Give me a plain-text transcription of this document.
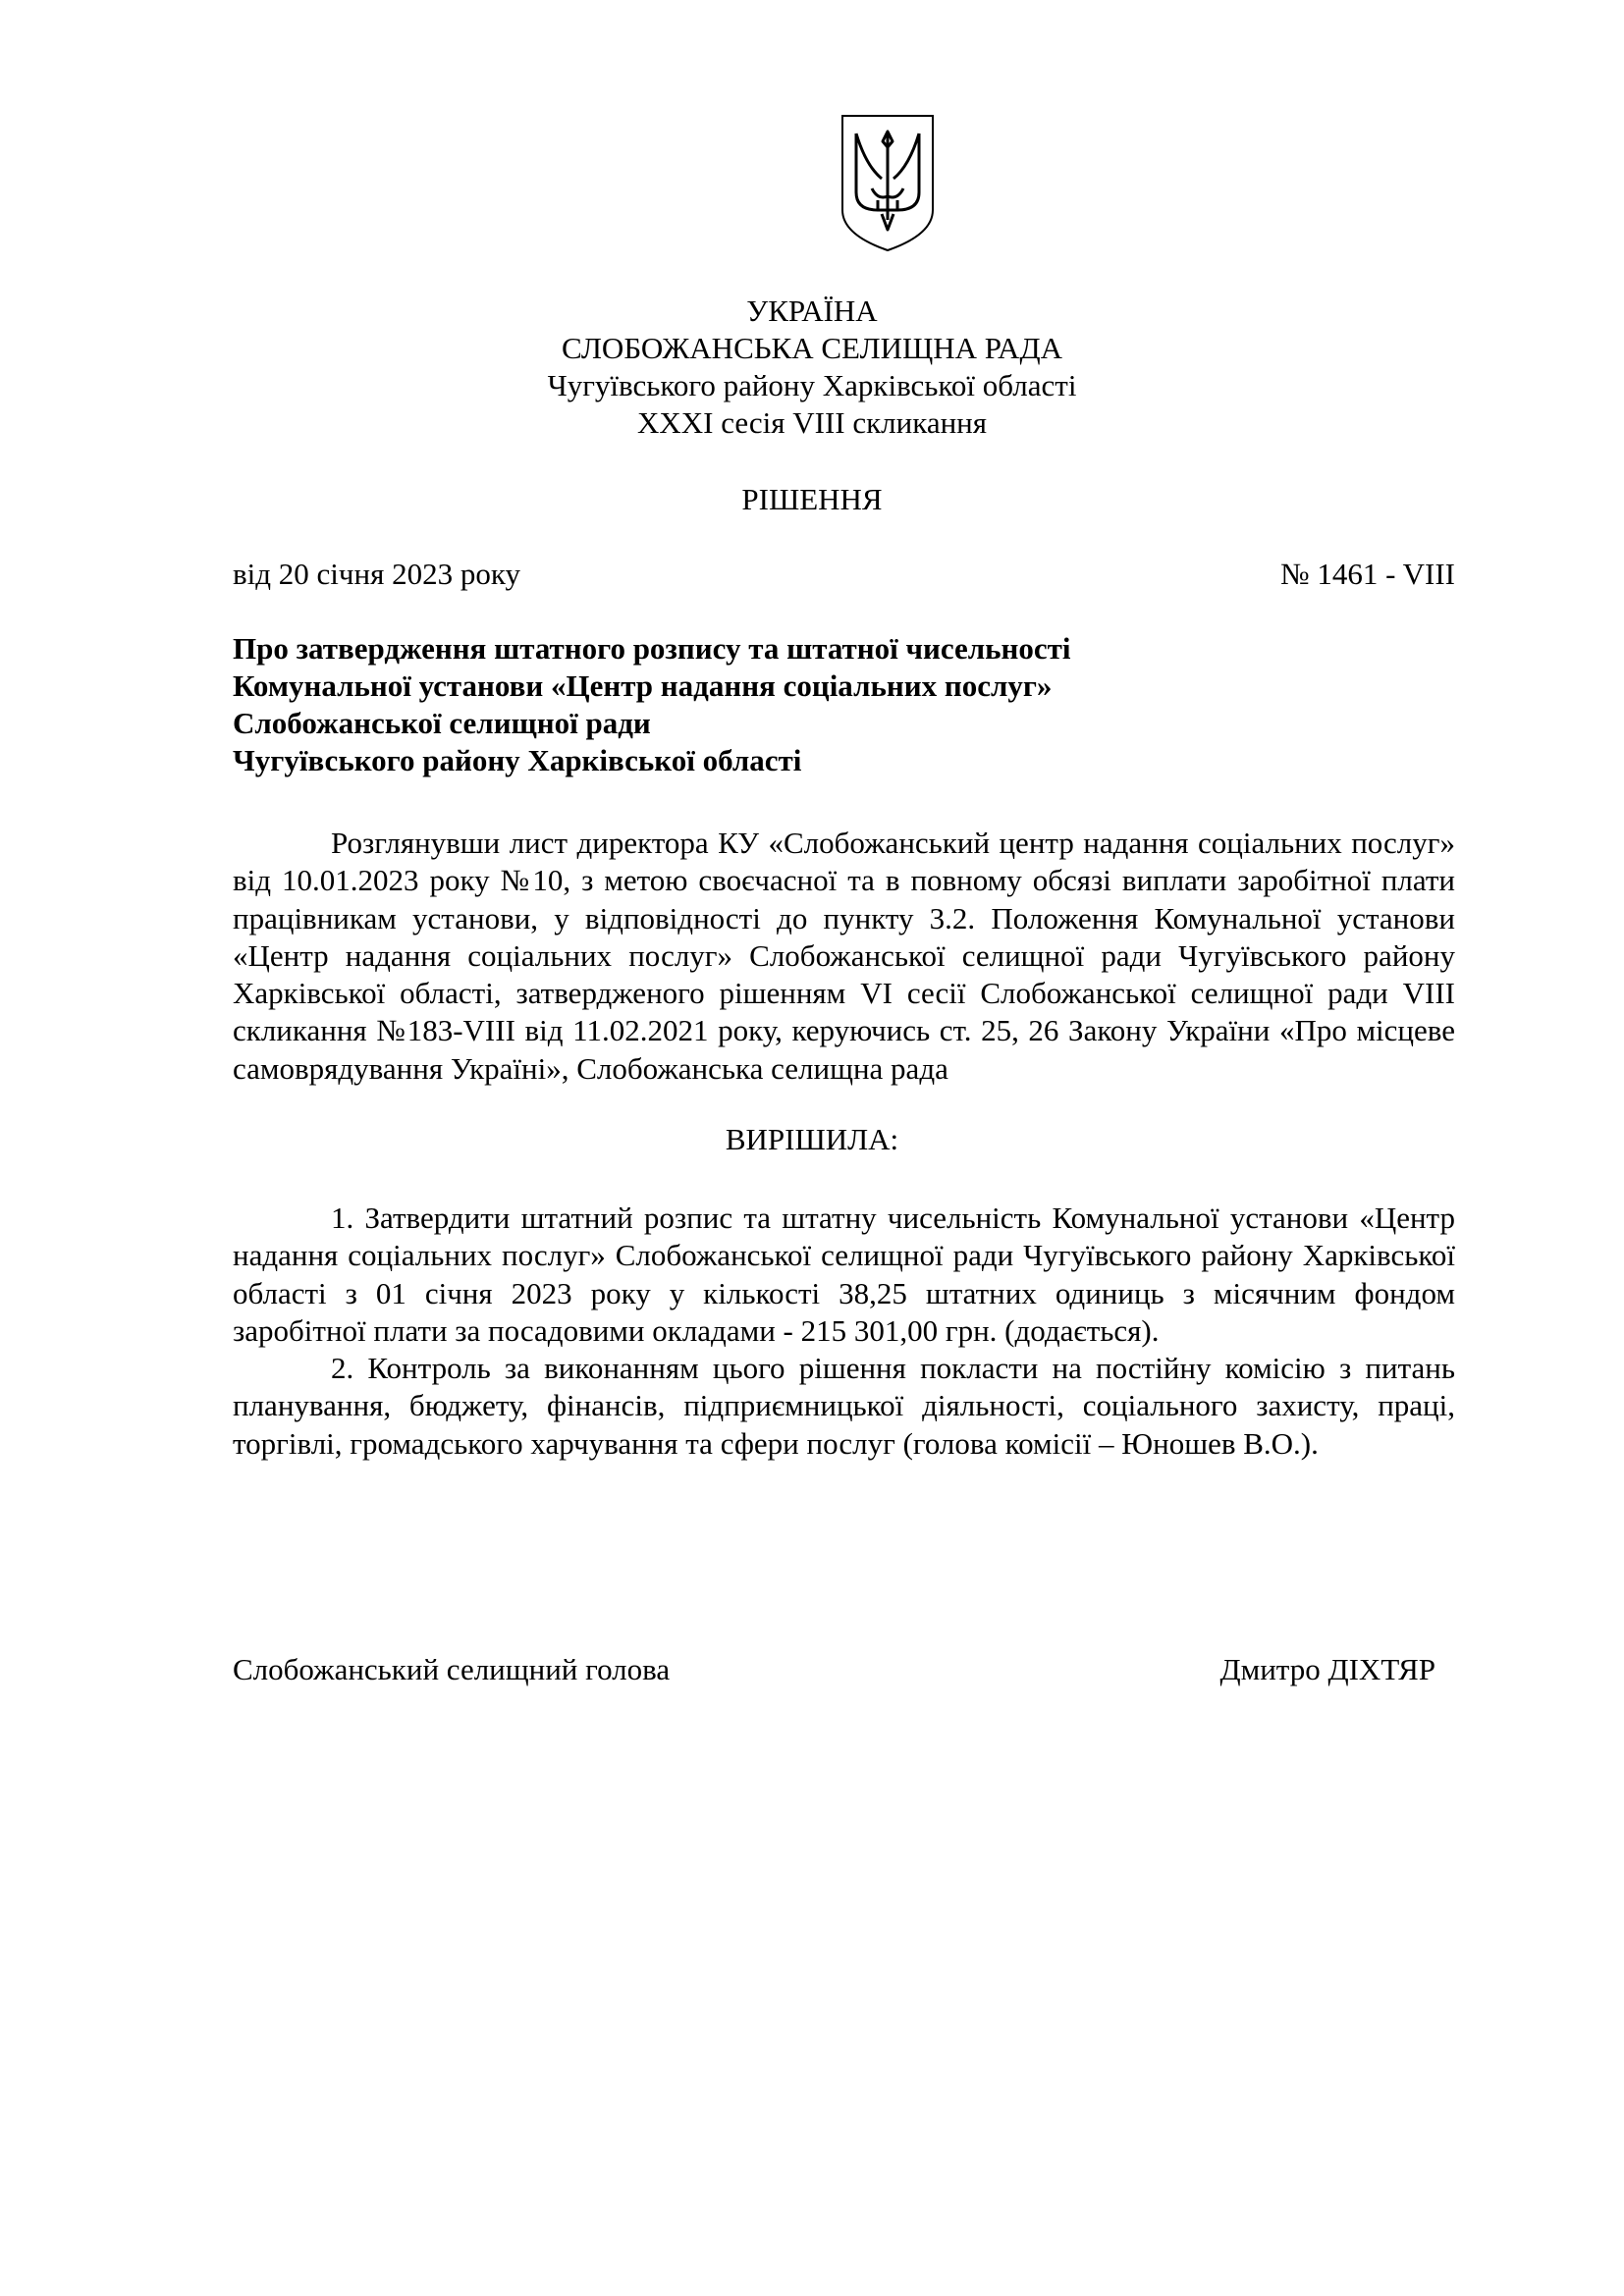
УКРАЇНА
СЛОБОЖАНСЬКА СЕЛИЩНА РАДА
Чугуївського району Харківської області
XXXI сесія VIII скликання
РІШЕННЯ
від 20 січня 2023 року	№ 1461 - VIII
Про затвердження штатного розпису та штатної чисельності
Комунальної установи «Центр надання соціальних послуг»
Слобожанської селищної ради
Чугуївського району Харківської області
Розглянувши лист директора КУ «Слобожанський центр надання соціальних послуг»
від 10.01.2023 року №10, з метою своєчасної та в повному обсязі виплати заробітної плати
працівникам установи, у відповідності до пункту 3.2. Положення Комунальної установи
«Центр надання соціальних послуг» Слобожанської селищної ради Чугуївського району
Харківської області, затвердженого рішенням VI сесії Слобожанської селищної ради VIII
скликання №183-VIII від 11.02.2021 року, керуючись ст. 25, 26 Закону України «Про місцеве
самоврядування Україні», Слобожанська селищна рада
ВИРІШИЛА:
1. Затвердити штатний розпис та штатну чисельність Комунальної установи «Центр
надання соціальних послуг» Слобожанської селищної ради Чугуївського району Харківської
області з 01 січня 2023 року у кількості 38,25 штатних одиниць з місячним фондом
заробітної плати за посадовими окладами - 215 301,00 грн. (додається).
2. Контроль за виконанням цього рішення покласти на постійну комісію з питань
планування, бюджету, фінансів, підприємницької діяльності, соціального захисту, праці,
торгівлі, громадського харчування та сфери послуг (голова комісії – Юношев В.О.).
Слобожанський селищний голова	Дмитро ДІХТЯР
